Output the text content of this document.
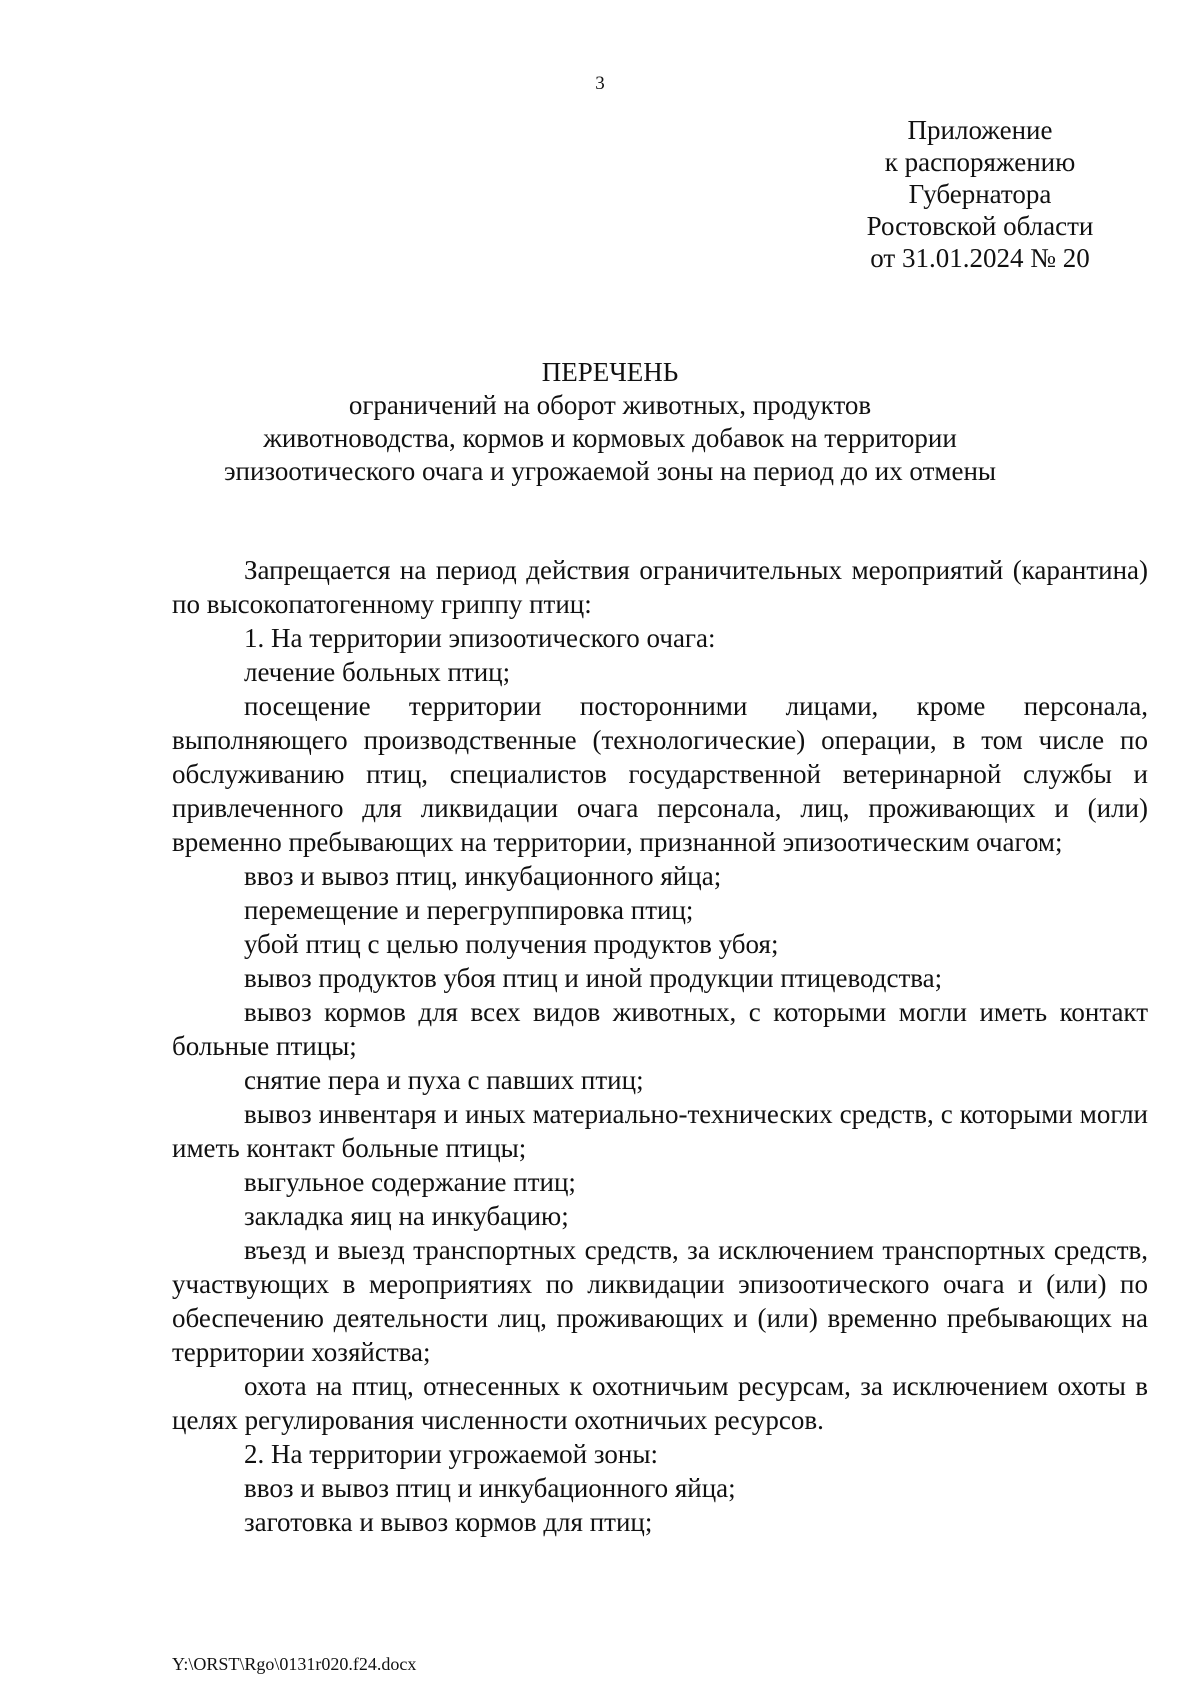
3
Приложение
к распоряжению
Губернатора
Ростовской области
от 31.01.2024 № 20
ПЕРЕЧЕНЬ
ограничений на оборот животных, продуктов
животноводства, кормов и кормовых добавок на территории
эпизоотического очага и угрожаемой зоны на период до их отмены

Запрещается на период действия ограничительных мероприятий (карантина) по высокопатогенному гриппу птиц:

1. На территории эпизоотического очага:

лечение больных птиц;

посещение территории посторонними лицами, кроме персонала, выполняющего производственные (технологические) операции, в том числе по обслуживанию птиц, специалистов государственной ветеринарной службы и привлеченного для ликвидации очага персонала, лиц, проживающих и (или) временно пребывающих на территории, признанной эпизоотическим очагом;

ввоз и вывоз птиц, инкубационного яйца;

перемещение и перегруппировка птиц;

убой птиц с целью получения продуктов убоя;

вывоз продуктов убоя птиц и иной продукции птицеводства;

вывоз кормов для всех видов животных, с которыми могли иметь контакт больные птицы;

снятие пера и пуха с павших птиц;

вывоз инвентаря и иных материально-технических средств, с которыми могли иметь контакт больные птицы;

выгульное содержание птиц;

закладка яиц на инкубацию;

въезд и выезд транспортных средств, за исключением транспортных средств, участвующих в мероприятиях по ликвидации эпизоотического очага и (или) по обеспечению деятельности лиц, проживающих и (или) временно пребывающих на территории хозяйства;

охота на птиц, отнесенных к охотничьим ресурсам, за исключением охоты в целях регулирования численности охотничьих ресурсов.

2. На территории угрожаемой зоны:

ввоз и вывоз птиц и инкубационного яйца;

заготовка и вывоз кормов для птиц;

Y:\ORST\Rgo\0131r020.f24.docx
